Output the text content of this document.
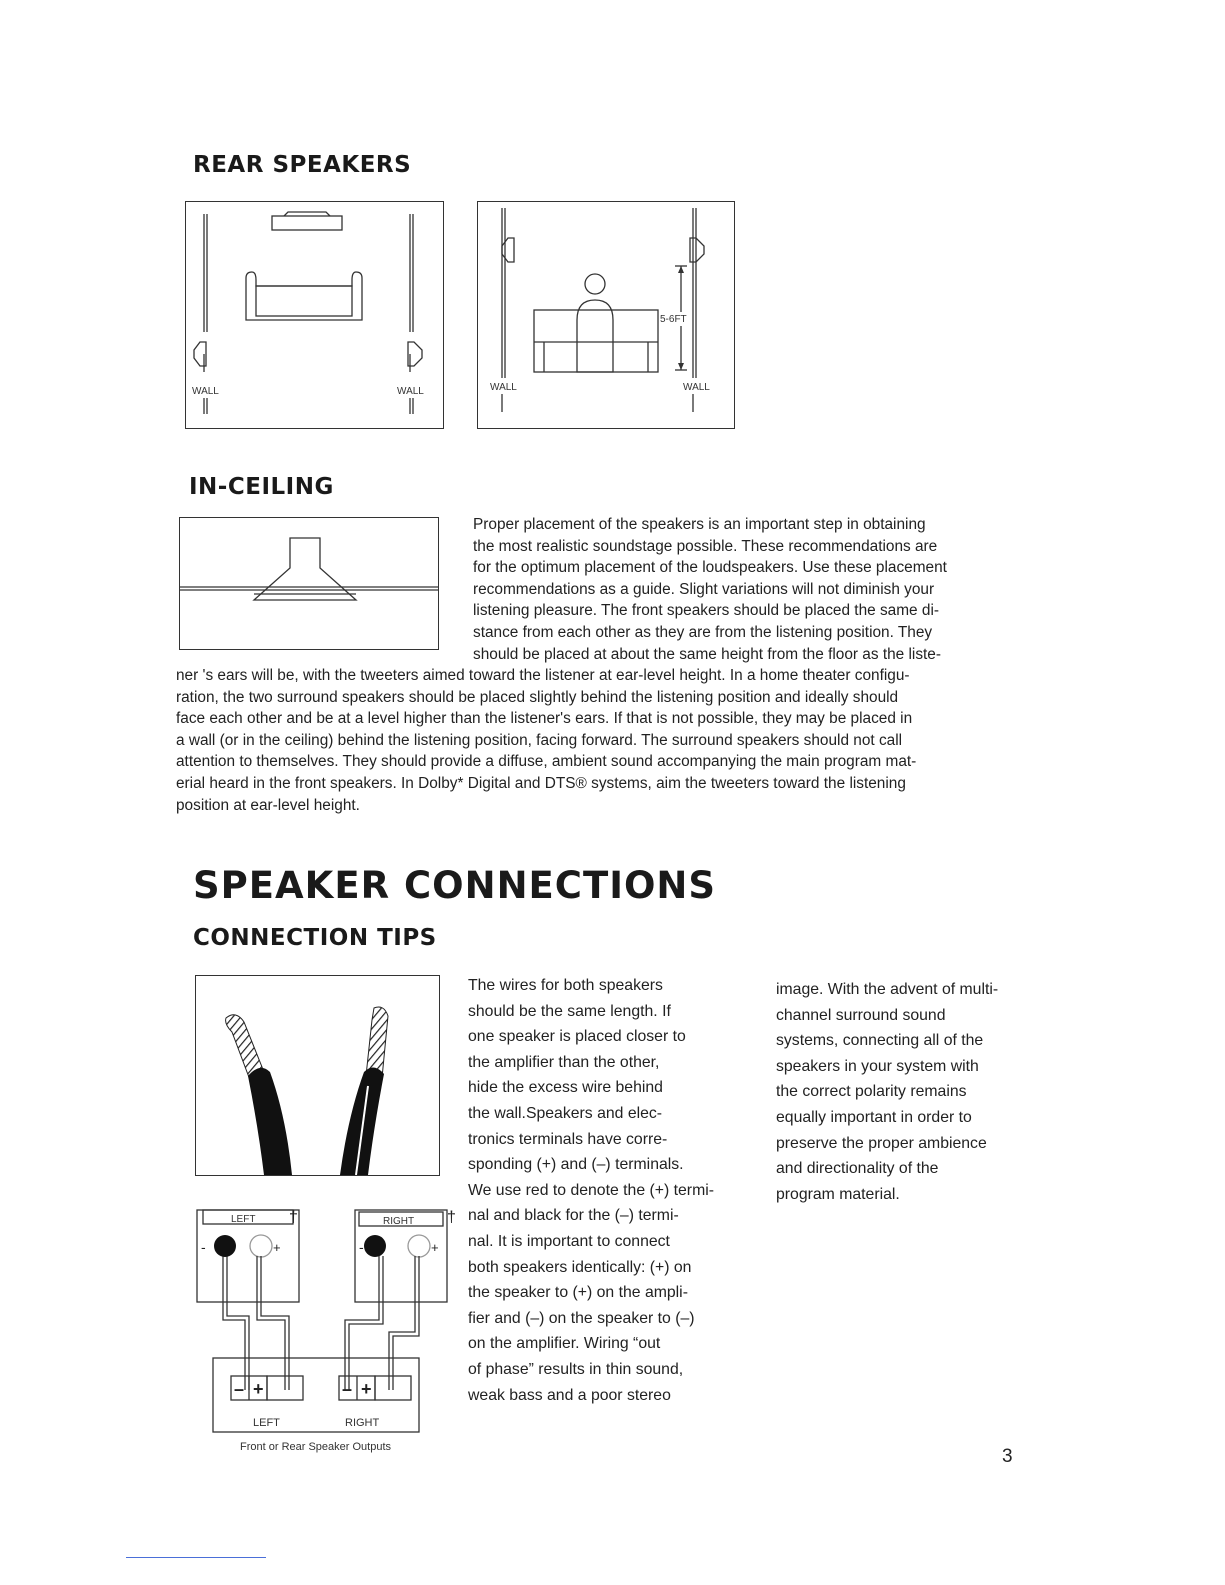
REAR SPEAKERS
WALL	WALL
5-6FT
WALL	WALL
IN-CEILING

Proper placement of the speakers is an important step in obtaining

the most realistic soundstage possible. These recommendations are

for the optimum placement of the loudspeakers. Use these placement

recommendations as a guide. Slight variations will not diminish your

listening pleasure. The front speakers should be placed the same di-

stance from each other as they are from the listening position. They

should be placed at about the same height from the floor as the liste-

ner 's ears will be, with the tweeters aimed toward the listener at ear-level height. In a home theater configu-

ration, the two surround speakers should be placed slightly behind the listening position and ideally should

face each other and be at a level higher than the listener's ears. If that is not possible, they may be placed in

a wall (or in the ceiling) behind the listening position, facing forward. The surround speakers should not call

attention to themselves. They should provide a diffuse, ambient sound accompanying the main program mat-

erial heard in the front speakers. In Dolby* Digital and DTS® systems, aim the tweeters toward the listening

position at ear-level height.

SPEAKER CONNECTIONS
CONNECTION TIPS
LEFT	RIGHT
-	+	-	+
†	†
– +	– +
LEFT	RIGHT
Front or Rear Speaker Outputs

The wires for both speakers

should be the same length. If

one speaker is placed closer to

the amplifier than the other,

hide the excess wire behind

the wall.Speakers and elec-

tronics terminals have corre-

sponding (+) and (–) terminals.

We use red to denote the (+) termi-

nal and black for the (–) termi-

nal. It is important to connect

both speakers identically: (+) on

the speaker to (+) on the ampli-

fier and (–) on the speaker to (–)

on the amplifier. Wiring “out

of phase” results in thin sound,

weak bass and a poor stereo

image. With the advent of multi-

channel surround sound

systems, connecting all of the

speakers in your system with

the correct polarity remains

equally important in order to

preserve the proper ambience

and directionality of the

program material.

3
